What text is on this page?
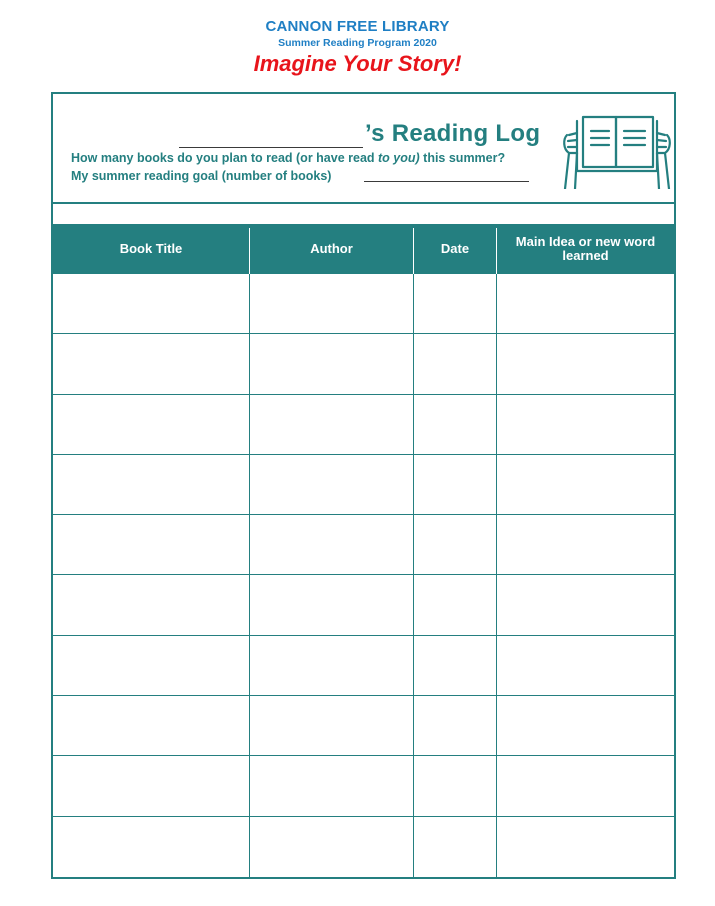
CANNON FREE LIBRARY
Summer Reading Program 2020
Imagine Your Story!
’s Reading Log
How many books do you plan to read (or have read to you) this summer?
My summer reading goal (number of books)
Book Title	Author	Date	Main Idea or new word learned
